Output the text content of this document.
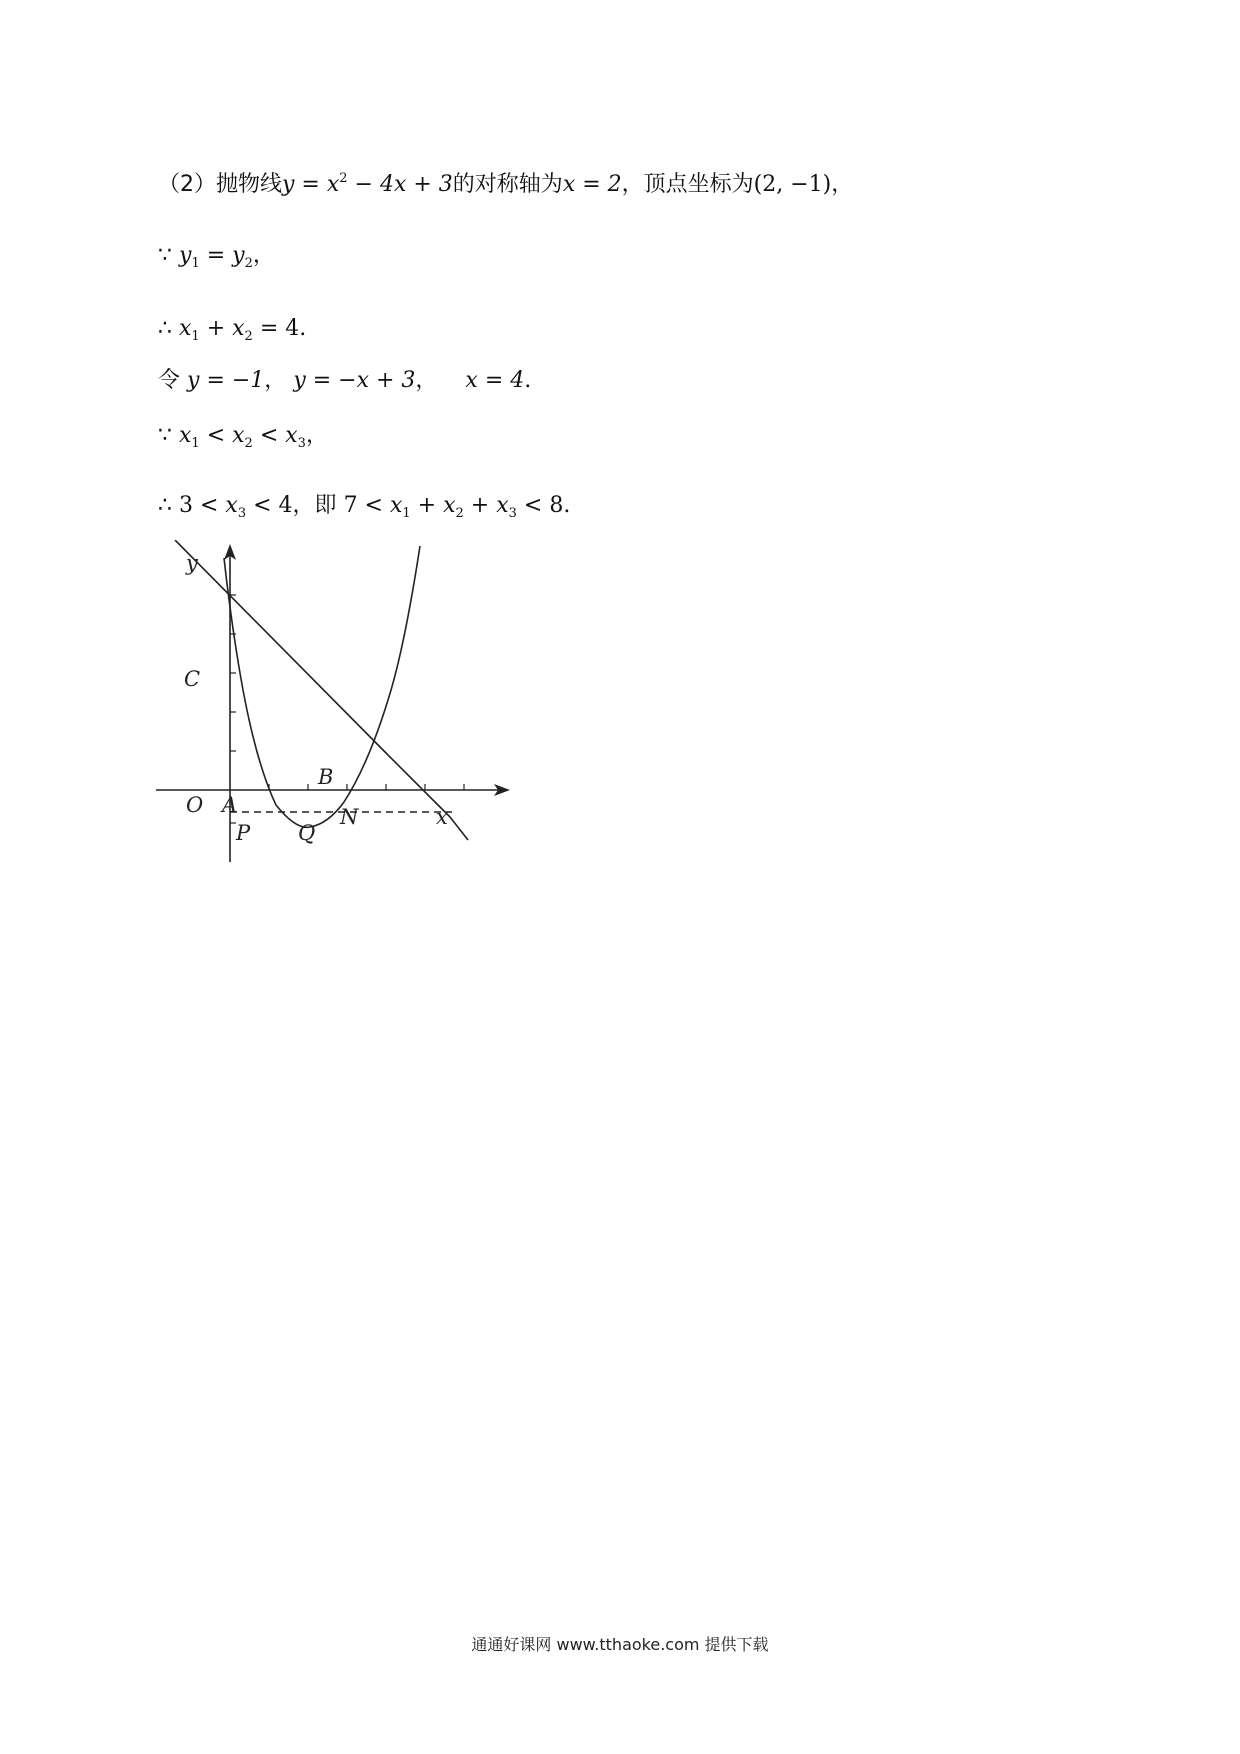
（2）抛物线$y = x^2 - 4x + 3$的对称轴为x = 2，顶点坐标为(2, −1)，
∵ $y_1 = y_2$，
∴ $x_1 + x_2 = 4$.
令 y = −1， y = −x + 3， x = 4.
∵ $x_1 < x_2 < x_3$，
∴ $3 < x_3 < 4$，即 $7 < x_1 + x_2 + x_3 < 8$.
y
x
C
O A
B
P Q
N
通通好课网 www.tthaoke.com 提供下载
